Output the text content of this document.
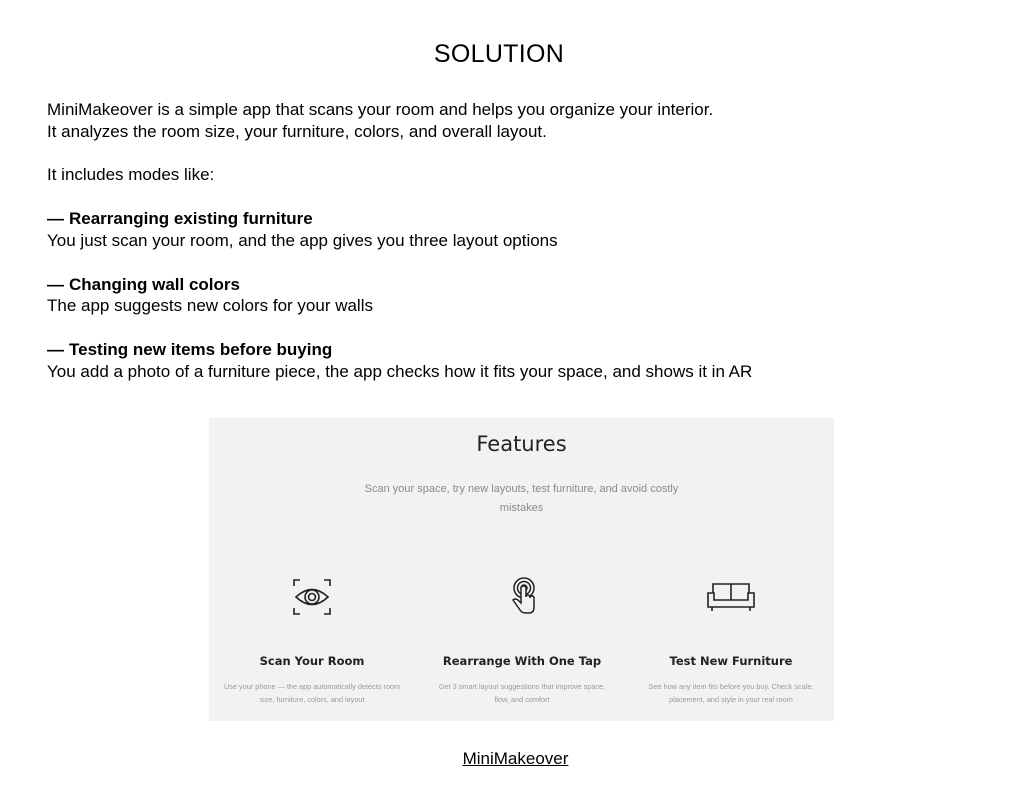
SOLUTION

MiniMakeover is a simple app that scans your room and helps you organize your interior.

It analyzes the room size, your furniture, colors, and overall layout.

It includes modes like:

— Rearranging existing furniture

You just scan your room, and the app gives you three layout options

— Changing wall colors

The app suggests new colors for your walls

— Testing new items before buying

You add a photo of a furniture piece, the app checks how it fits your space, and shows it in AR

Features
Scan your space, try new layouts, test furniture, and avoid costly mistakes
Scan Your Room
Use your phone — the app automatically detects room size, furniture, colors, and layout
Rearrange With One Tap
Get 3 smart layout suggestions that improve space, flow, and comfort
Test New Furniture
See how any item fits before you buy. Check scale, placement, and style in your real room
MiniMakeover
